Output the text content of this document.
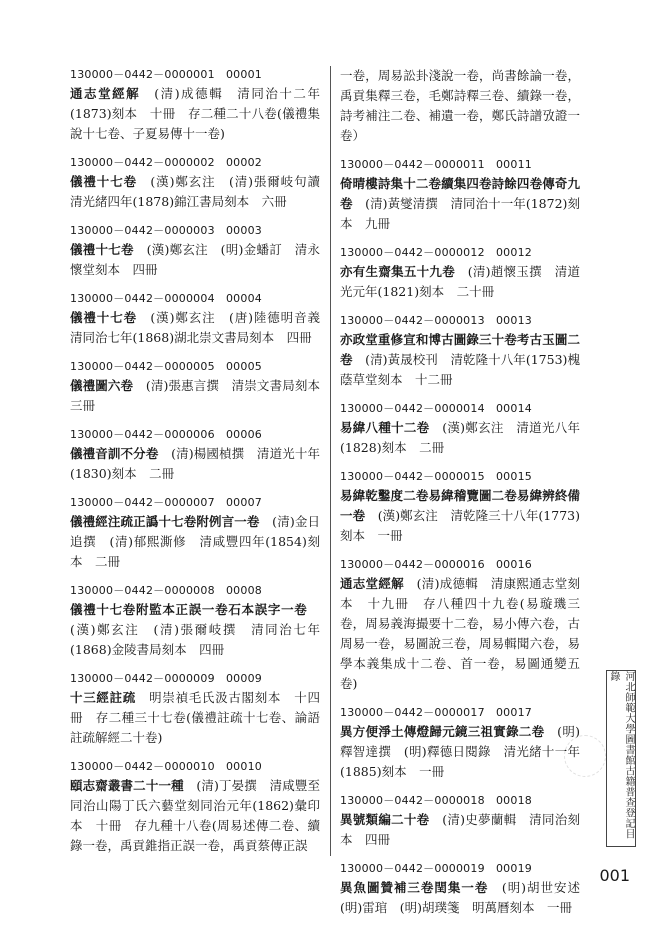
130000－0442－0000001　00001
通志堂經解　(清)成德輯　清同治十二年(1873)刻本　十冊　存二種二十八卷(儀禮集說十七卷、子夏易傳十一卷)
130000－0442－0000002　00002
儀禮十七卷　(漢)鄭玄注　(清)張爾岐句讀　清光緒四年(1878)錦江書局刻本　六冊
130000－0442－0000003　00003
儀禮十七卷　(漢)鄭玄注　(明)金蟠訂　清永懷堂刻本　四冊
130000－0442－0000004　00004
儀禮十七卷　(漢)鄭玄注　(唐)陸德明音義　清同治七年(1868)湖北崇文書局刻本　四冊
130000－0442－0000005　00005
儀禮圖六卷　(清)張惠言撰　清崇文書局刻本　三冊
130000－0442－0000006　00006
儀禮音訓不分卷　(清)楊國楨撰　清道光十年(1830)刻本　二冊
130000－0442－0000007　00007
儀禮經注疏正譌十七卷附例言一卷　(清)金日追撰　(清)郁熙澌修　清咸豐四年(1854)刻本　二冊
130000－0442－0000008　00008
儀禮十七卷附監本正誤一卷石本誤字一卷　(漢)鄭玄注　(清)張爾岐撰　清同治七年(1868)金陵書局刻本　四冊
130000－0442－0000009　00009
十三經註疏　明崇禎毛氏汲古閣刻本　十四冊　存二種三十七卷(儀禮註疏十七卷、論語註疏解經二十卷)
130000－0442－0000010　00010
頤志齋叢書二十一種　(清)丁晏撰　清咸豐至同治山陽丁氏六藝堂刻同治元年(1862)彙印本　十冊　存九種十八卷(周易述傳二卷、續錄一卷，禹貢錐指正誤一卷，禹貢蔡傳正誤
一卷，周易訟卦淺說一卷，尚書餘論一卷，禹貢集釋三卷，毛鄭詩釋三卷、續錄一卷，詩考補注二卷、補遺一卷，鄭氏詩譜攷證一卷）
130000－0442－0000011　00011
倚晴樓詩集十二卷續集四卷詩餘四卷傳奇九卷　(清)黃燮清撰　清同治十一年(1872)刻本　九冊
130000－0442－0000012　00012
亦有生齋集五十九卷　(清)趙懷玉撰　清道光元年(1821)刻本　二十冊
130000－0442－0000013　00013
亦政堂重修宣和博古圖錄三十卷考古玉圖二卷　(清)黃晟校刊　清乾隆十八年(1753)槐蔭草堂刻本　十二冊
130000－0442－0000014　00014
易緯八種十二卷　(漢)鄭玄注　清道光八年(1828)刻本　二冊
130000－0442－0000015　00015
易緯乾鑿度二卷易緯稽覽圖二卷易緯辨終備一卷　(漢)鄭玄注　清乾隆三十八年(1773)刻本　一冊
130000－0442－0000016　00016
通志堂經解　(清)成德輯　清康熙通志堂刻本　十九冊　存八種四十九卷(易璇璣三卷，周易義海撮要十二卷，易小傳六卷，古周易一卷，易圖說三卷，周易輯聞六卷，易學本義集成十二卷、首一卷，易圖通變五卷)
130000－0442－0000017　00017
異方便淨土傳燈歸元鏡三祖實錄二卷　(明)釋智達撰　(明)釋德日閱錄　清光緒十一年(1885)刻本　一冊
130000－0442－0000018　00018
異號類編二十卷　(清)史夢蘭輯　清同治刻本　四冊
130000－0442－0000019　00019
異魚圖贊補三卷閏集一卷　(明)胡世安述　(明)雷琯　(明)胡璞箋　明萬曆刻本　一冊
河北師範大學圖書館古籍普查登記目錄
001
